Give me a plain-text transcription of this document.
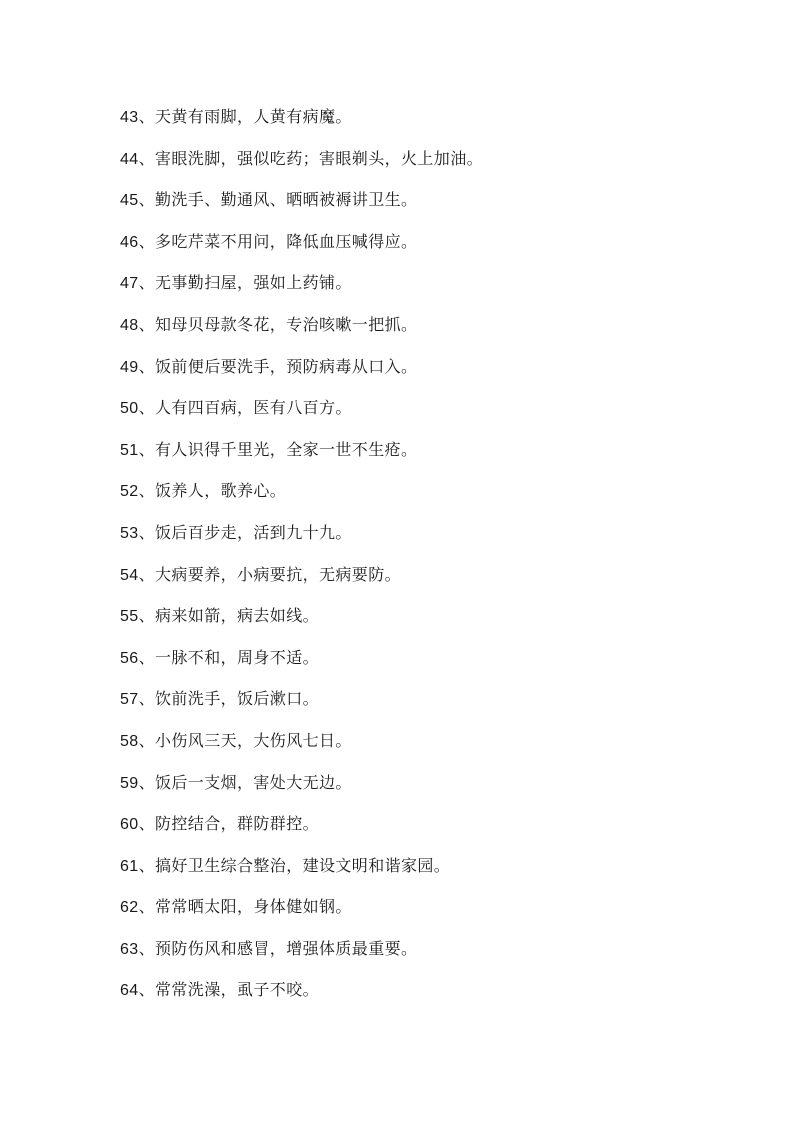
43、天黄有雨脚，人黄有病魔。
44、害眼洗脚，强似吃药；害眼剃头，火上加油。
45、勤洗手、勤通风、晒晒被褥讲卫生。
46、多吃芹菜不用问，降低血压喊得应。
47、无事勤扫屋，强如上药铺。
48、知母贝母款冬花，专治咳嗽一把抓。
49、饭前便后要洗手，预防病毒从口入。
50、人有四百病，医有八百方。
51、有人识得千里光，全家一世不生疮。
52、饭养人，歌养心。
53、饭后百步走，活到九十九。
54、大病要养，小病要抗，无病要防。
55、病来如箭，病去如线。
56、一脉不和，周身不适。
57、饮前洗手，饭后漱口。
58、小伤风三天，大伤风七日。
59、饭后一支烟，害处大无边。
60、防控结合，群防群控。
61、搞好卫生综合整治，建设文明和谐家园。
62、常常晒太阳，身体健如钢。
63、预防伤风和感冒，增强体质最重要。
64、常常洗澡，虱子不咬。
